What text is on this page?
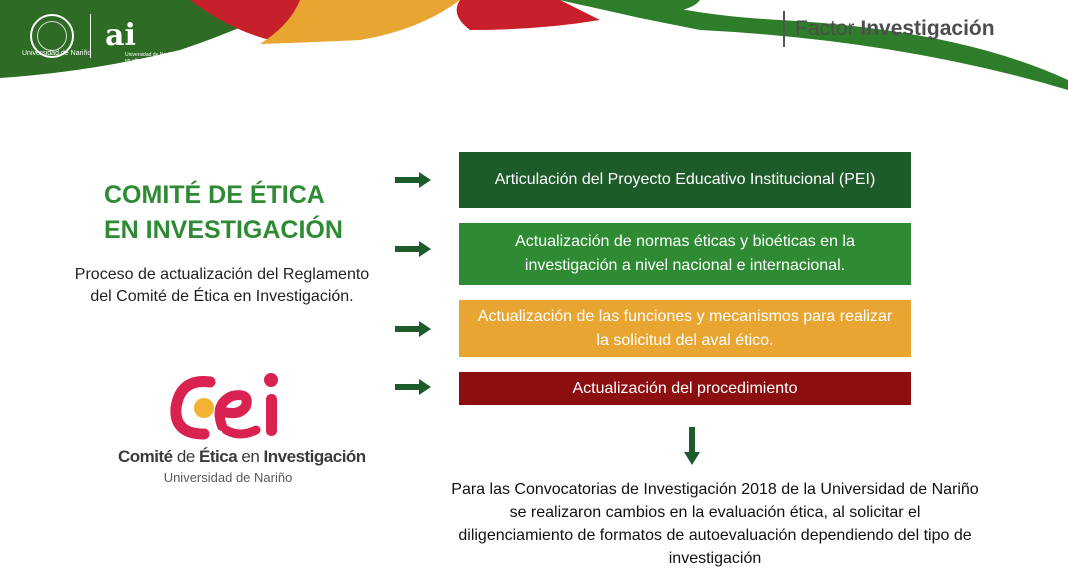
Universidad de Nariño
ai
Universidad de Nariño · Acreditada en alta calidad
Factor Investigación
COMITÉ DE ÉTICA
EN INVESTIGACIÓN
Proceso de actualización del Reglamento del Comité de Ética en Investigación.
Articulación del Proyecto Educativo Institucional (PEI)
Actualización de normas éticas y bioéticas en la investigación a nivel nacional e internacional.
Actualización de las funciones y mecanismos para realizar la solicitud del aval ético.
Actualización del procedimiento
Para las Convocatorias de Investigación 2018 de la Universidad de Nariño se realizaron cambios en la evaluación ética, al solicitar el diligenciamiento de formatos de autoevaluación dependiendo del tipo de investigación
Comité de Ética en Investigación
Universidad de Nariño
